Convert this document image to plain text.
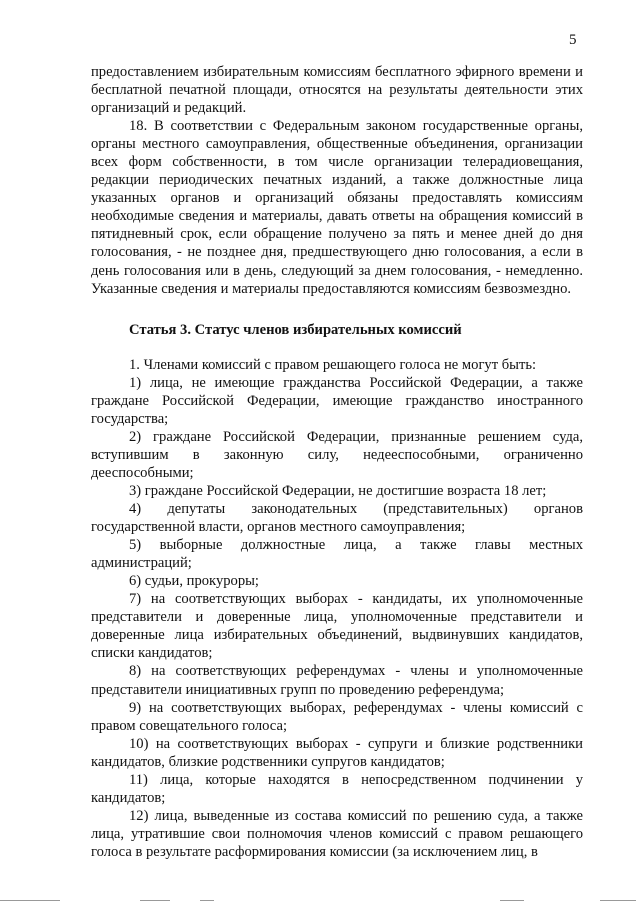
5

предоставлением избирательным комиссиям бесплатного эфирного времени и бесплатной печатной площади, относятся на результаты деятельности этих организаций и редакций.

18. В соответствии с Федеральным законом государственные органы, органы местного самоуправления, общественные объединения, организации всех форм собственности, в том числе организации телерадиовещания, редакции периодических печатных изданий, а также должностные лица указанных органов и организаций обязаны предоставлять комиссиям необходимые сведения и материалы, давать ответы на обращения комиссий в пятидневный срок, если обращение получено за пять и менее дней до дня голосования, - не позднее дня, предшествующего дню голосования, а если в день голосования или в день, следующий за днем голосования, - немедленно. Указанные сведения и материалы предоставляются комиссиям безвозмездно.

Статья 3. Статус членов избирательных комиссий

1. Членами комиссий с правом решающего голоса не могут быть:

1) лица, не имеющие гражданства Российской Федерации, а также граждане Российской Федерации, имеющие гражданство иностранного государства;

2) граждане Российской Федерации, признанные решением суда, вступившим в законную силу, недееспособными, ограниченно дееспособными;

3) граждане Российской Федерации, не достигшие возраста 18 лет;

4) депутаты законодательных (представительных) органов государственной власти, органов местного самоуправления;

5) выборные должностные лица, а также главы местных администраций;

6) судьи, прокуроры;

7) на соответствующих выборах - кандидаты, их уполномоченные представители и доверенные лица, уполномоченные представители и доверенные лица избирательных объединений, выдвинувших кандидатов, списки кандидатов;

8) на соответствующих референдумах - члены и уполномоченные представители инициативных групп по проведению референдума;

9) на соответствующих выборах, референдумах - члены комиссий с правом совещательного голоса;

10) на соответствующих выборах - супруги и близкие родственники кандидатов, близкие родственники супругов кандидатов;

11) лица, которые находятся в непосредственном подчинении у кандидатов;

12) лица, выведенные из состава комиссий по решению суда, а также лица, утратившие свои полномочия членов комиссий с правом решающего голоса в результате расформирования комиссии (за исключением лиц, в
